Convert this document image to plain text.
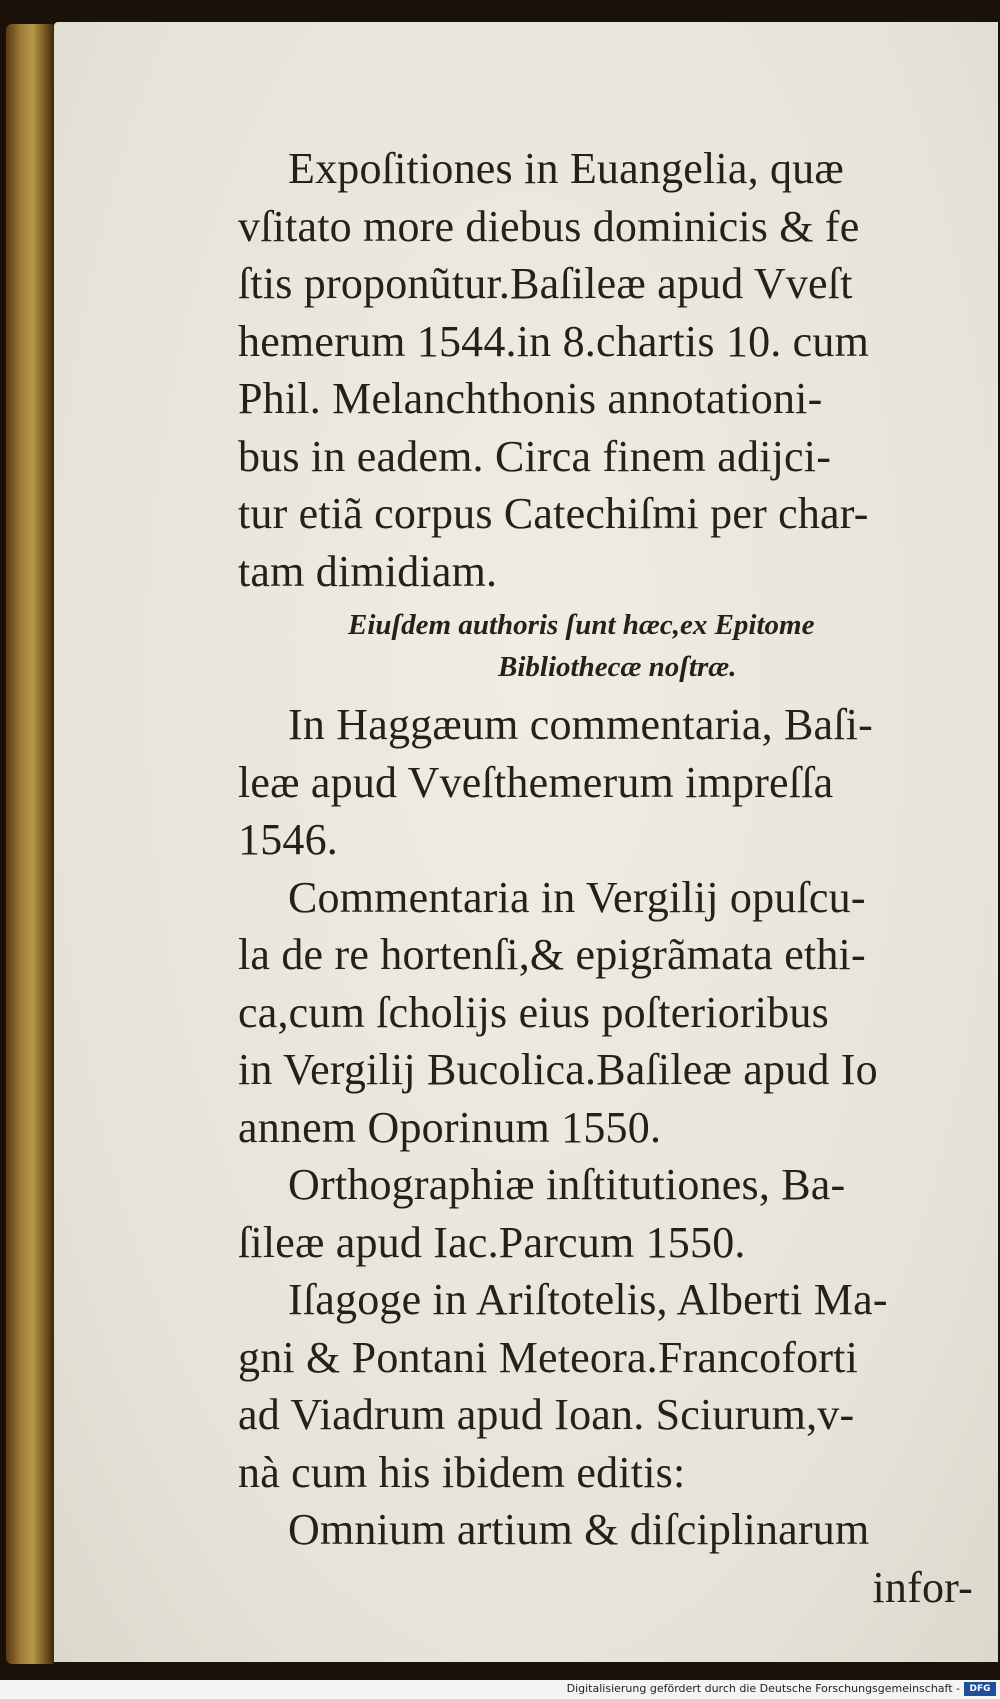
Expoſitiones in Euangelia, quæ
vſitato more diebus dominicis & fe
ſtis proponũtur.Baſileæ apud Vveſt
hemerum 1544.in 8.chartis 10. cum
Phil. Melanchthonis annotationi-
bus in eadem. Circa finem adijci-
tur etiã corpus Catechiſmi per char-
tam dimidiam.
Eiuſdem authoris ſunt hæc,ex Epitome
Bibliothecæ noſtræ.
In Haggæum commentaria, Baſi-
leæ apud Vveſthemerum impreſſa
1546.
Commentaria in Vergilij opuſcu-
la de re hortenſi,& epigrãmata ethi-
ca,cum ſcholijs eius poſterioribus
in Vergilij Bucolica.Baſileæ apud Io
annem Oporinum 1550.
Orthographiæ inſtitutiones, Ba-
ſileæ apud Iac.Parcum 1550.
Iſagoge in Ariſtotelis, Alberti Ma-
gni & Pontani Meteora.Francoforti
ad Viadrum apud Ioan. Sciurum,v-
nà cum his ibidem editis:
Omnium artium & diſciplinarum
infor-
Digitalisierung gefördert durch die Deutsche Forschungsgemeinschaft -	DFG
